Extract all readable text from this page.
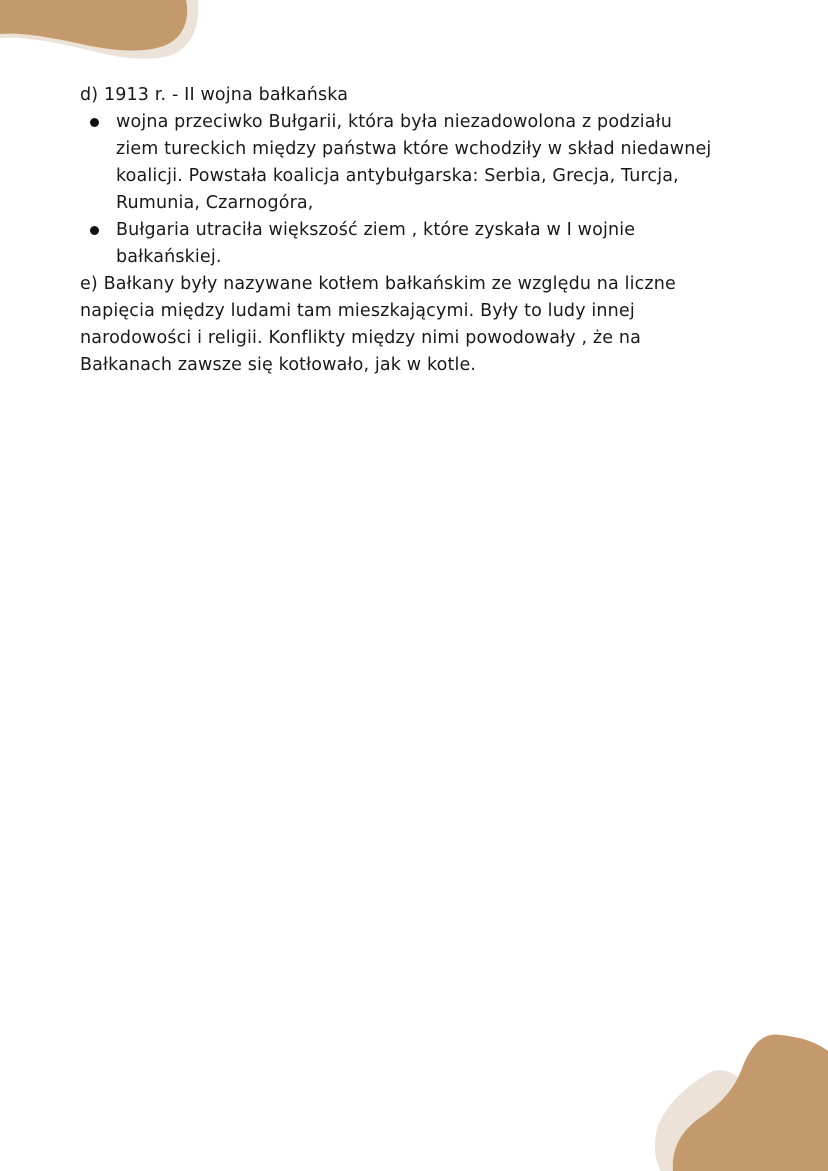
d) 1913 r. - II wojna bałkańska
wojna przeciwko Bułgarii, która była niezadowolona z podziału
ziem tureckich między państwa które wchodziły w skład niedawnej
koalicji. Powstała koalicja antybułgarska: Serbia, Grecja, Turcja,
Rumunia, Czarnogóra,
Bułgaria utraciła większość ziem , które zyskała w I wojnie
bałkańskiej.
e) Bałkany były nazywane kotłem bałkańskim ze względu na liczne
napięcia między ludami tam mieszkającymi. Były to ludy innej
narodowości i religii. Konflikty między nimi powodowały , że na
Bałkanach zawsze się kotłowało, jak w kotle.
